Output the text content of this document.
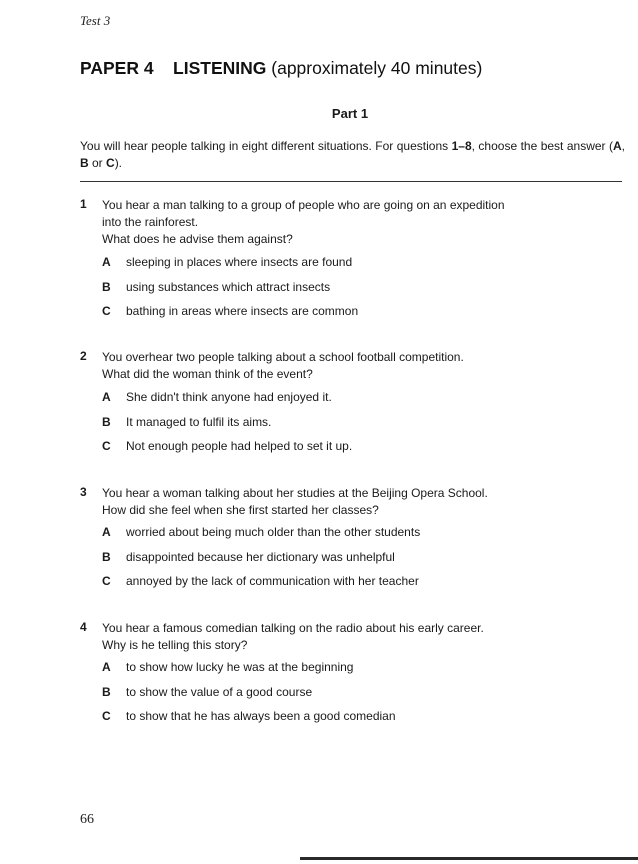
Test 3
PAPER 4 LISTENING (approximately 40 minutes)
Part 1
You will hear people talking in eight different situations. For questions 1–8, choose the best answer (A, B or C).
1 You hear a man talking to a group of people who are going on an expedition
into the rainforest.
What does he advise them against?
A sleeping in places where insects are found
B using substances which attract insects
C bathing in areas where insects are common
2 You overhear two people talking about a school football competition.
What did the woman think of the event?
A She didn't think anyone had enjoyed it.
B It managed to fulfil its aims.
C Not enough people had helped to set it up.
3 You hear a woman talking about her studies at the Beijing Opera School.
How did she feel when she first started her classes?
A worried about being much older than the other students
B disappointed because her dictionary was unhelpful
C annoyed by the lack of communication with her teacher
4 You hear a famous comedian talking on the radio about his early career.
Why is he telling this story?
A to show how lucky he was at the beginning
B to show the value of a good course
C to show that he has always been a good comedian
66
